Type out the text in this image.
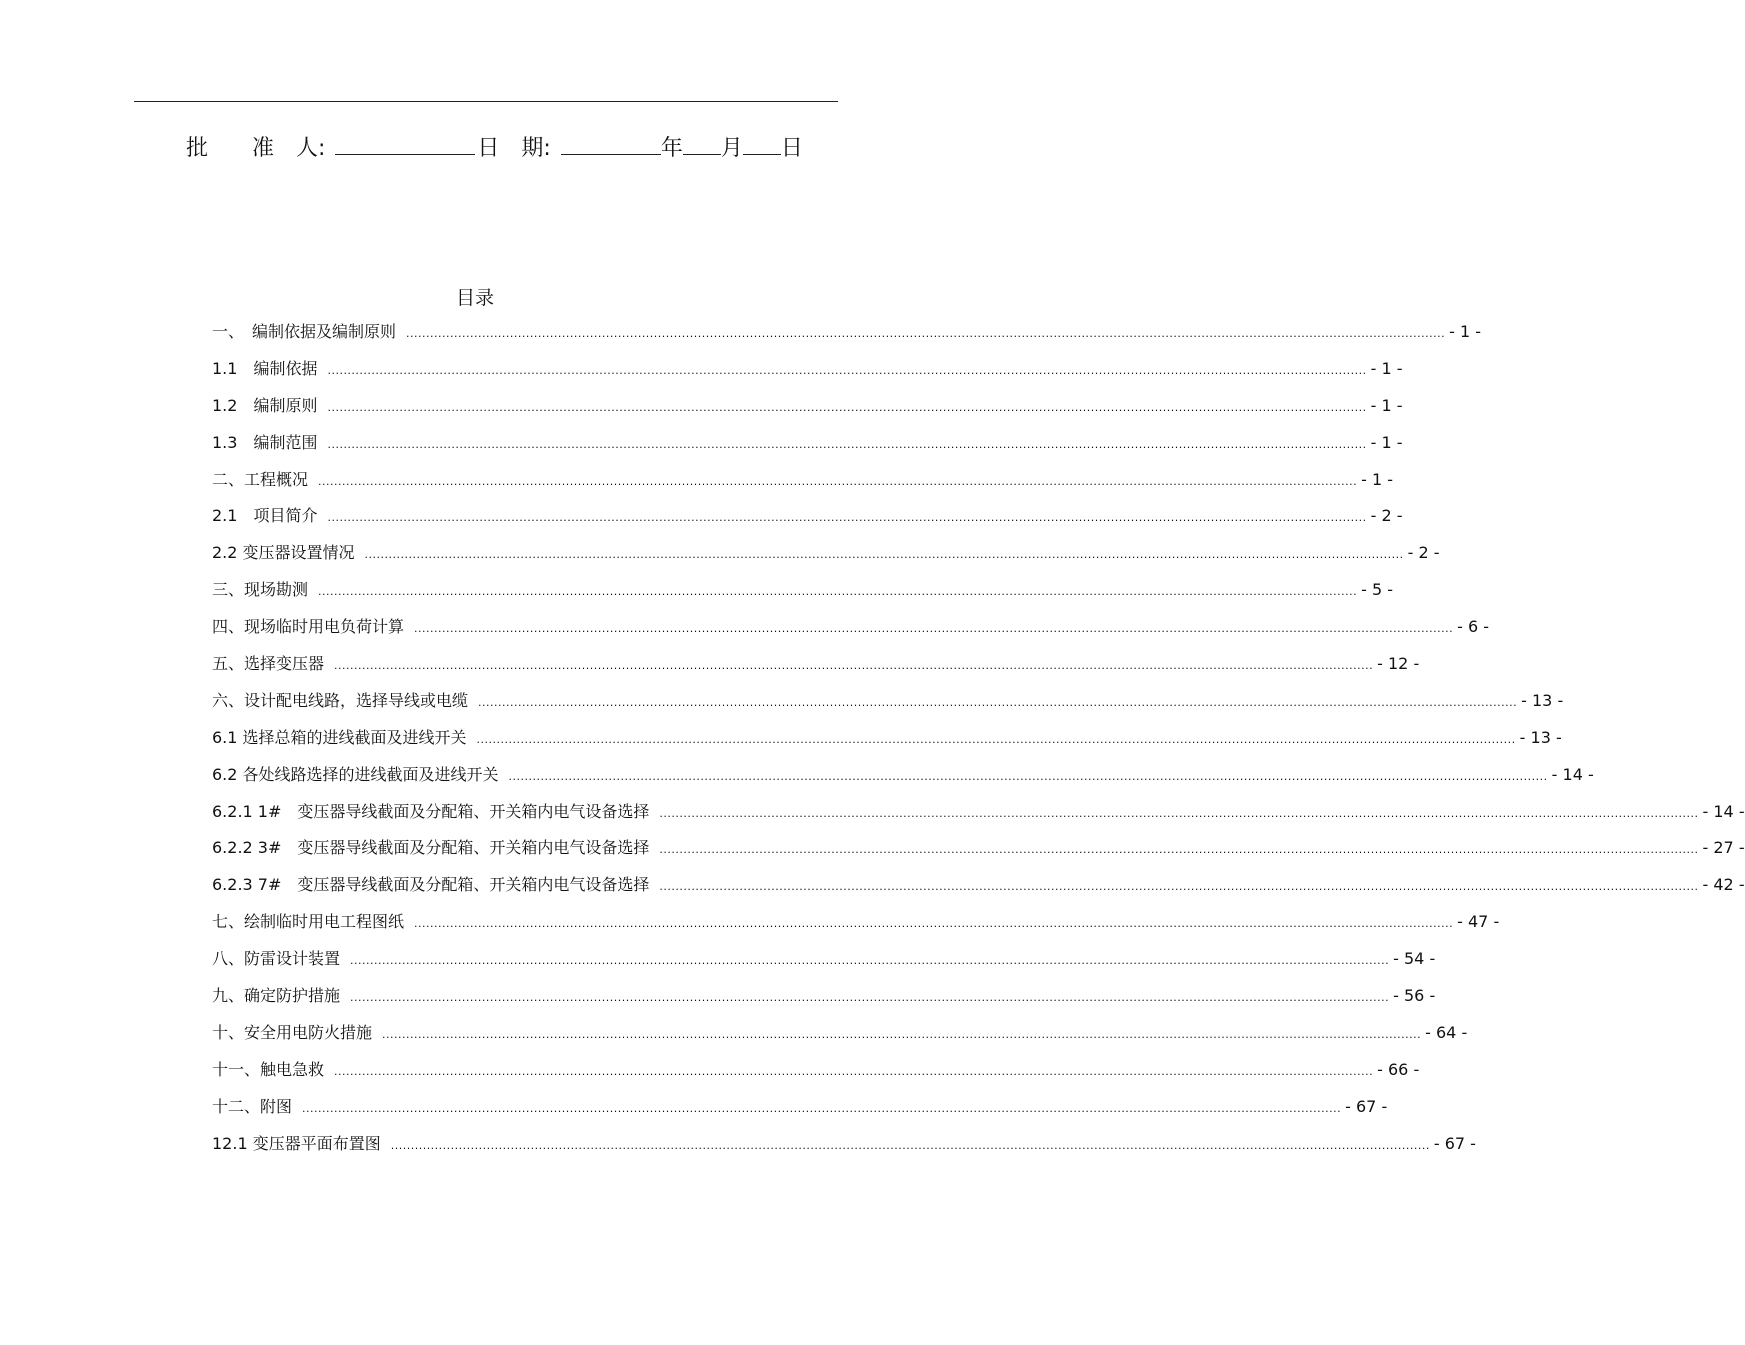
批　　准　人:	日　期:	年 月 日
目录
一、　编制依据及编制原则 .................................................................................................................................................................................................................................................................... - 1 -
1.1　编制依据 .................................................................................................................................................................................................................................................................... - 1 -
1.2　编制原则 .................................................................................................................................................................................................................................................................... - 1 -
1.3　编制范围 .................................................................................................................................................................................................................................................................... - 1 -
二、工程概况 .................................................................................................................................................................................................................................................................... - 1 -
2.1　项目简介 .................................................................................................................................................................................................................................................................... - 2 -
2.2 变压器设置情况 .................................................................................................................................................................................................................................................................... - 2 -
三、现场勘测 .................................................................................................................................................................................................................................................................... - 5 -
四、现场临时用电负荷计算 .................................................................................................................................................................................................................................................................... - 6 -
五、选择变压器 .................................................................................................................................................................................................................................................................... - 12 -
六、设计配电线路，选择导线或电缆 .................................................................................................................................................................................................................................................................... - 13 -
6.1 选择总箱的进线截面及进线开关 .................................................................................................................................................................................................................................................................... - 13 -
6.2 各处线路选择的进线截面及进线开关 .................................................................................................................................................................................................................................................................... - 14 -
6.2.1 1#　变压器导线截面及分配箱、开关箱内电气设备选择 .................................................................................................................................................................................................................................................................... - 14 -
6.2.2 3#　变压器导线截面及分配箱、开关箱内电气设备选择 .................................................................................................................................................................................................................................................................... - 27 -
6.2.3 7#　变压器导线截面及分配箱、开关箱内电气设备选择 .................................................................................................................................................................................................................................................................... - 42 -
七、绘制临时用电工程图纸 .................................................................................................................................................................................................................................................................... - 47 -
八、防雷设计装置 .................................................................................................................................................................................................................................................................... - 54 -
九、确定防护措施 .................................................................................................................................................................................................................................................................... - 56 -
十、安全用电防火措施 .................................................................................................................................................................................................................................................................... - 64 -
十一、触电急救 .................................................................................................................................................................................................................................................................... - 66 -
十二、附图 .................................................................................................................................................................................................................................................................... - 67 -
12.1 变压器平面布置图 .................................................................................................................................................................................................................................................................... - 67 -
